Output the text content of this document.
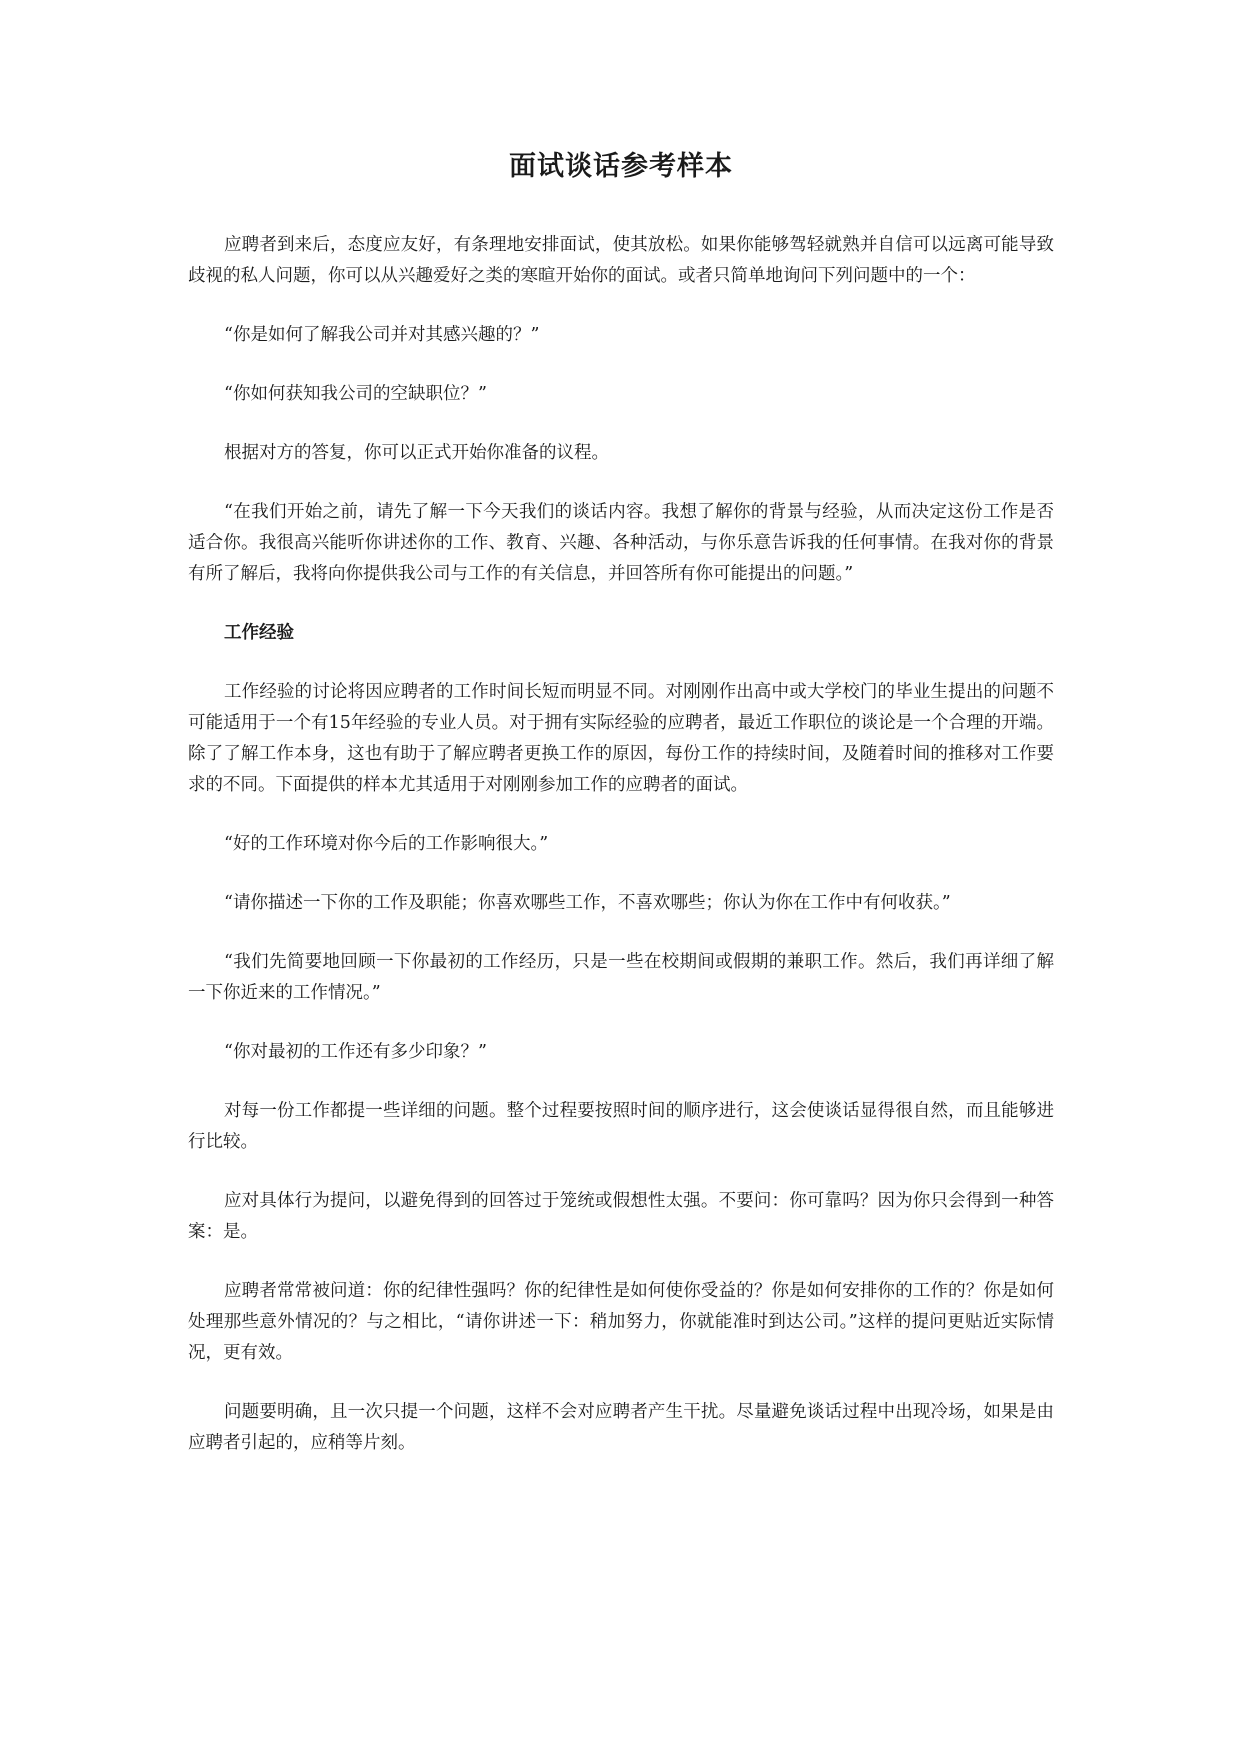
面试谈话参考样本

应聘者到来后，态度应友好，有条理地安排面试，使其放松。如果你能够驾轻就熟并自信可以远离可能导致歧视的私人问题，你可以从兴趣爱好之类的寒暄开始你的面试。或者只简单地询问下列问题中的一个：

“你是如何了解我公司并对其感兴趣的？”

“你如何获知我公司的空缺职位？”

根据对方的答复，你可以正式开始你准备的议程。

“在我们开始之前，请先了解一下今天我们的谈话内容。我想了解你的背景与经验，从而决定这份工作是否适合你。我很高兴能听你讲述你的工作、教育、兴趣、各种活动，与你乐意告诉我的任何事情。在我对你的背景有所了解后，我将向你提供我公司与工作的有关信息，并回答所有你可能提出的问题。”

工作经验

工作经验的讨论将因应聘者的工作时间长短而明显不同。对刚刚作出高中或大学校门的毕业生提出的问题不可能适用于一个有15年经验的专业人员。对于拥有实际经验的应聘者，最近工作职位的谈论是一个合理的开端。除了了解工作本身，这也有助于了解应聘者更换工作的原因，每份工作的持续时间，及随着时间的推移对工作要求的不同。下面提供的样本尤其适用于对刚刚参加工作的应聘者的面试。

“好的工作环境对你今后的工作影响很大。”

“请你描述一下你的工作及职能；你喜欢哪些工作，不喜欢哪些；你认为你在工作中有何收获。”

“我们先简要地回顾一下你最初的工作经历，只是一些在校期间或假期的兼职工作。然后，我们再详细了解一下你近来的工作情况。”

“你对最初的工作还有多少印象？”

对每一份工作都提一些详细的问题。整个过程要按照时间的顺序进行，这会使谈话显得很自然，而且能够进行比较。

应对具体行为提问，以避免得到的回答过于笼统或假想性太强。不要问：你可靠吗？因为你只会得到一种答案：是。

应聘者常常被问道：你的纪律性强吗？你的纪律性是如何使你受益的？你是如何安排你的工作的？你是如何处理那些意外情况的？与之相比，“请你讲述一下：稍加努力，你就能准时到达公司。”这样的提问更贴近实际情况，更有效。

问题要明确，且一次只提一个问题，这样不会对应聘者产生干扰。尽量避免谈话过程中出现冷场，如果是由应聘者引起的，应稍等片刻。
